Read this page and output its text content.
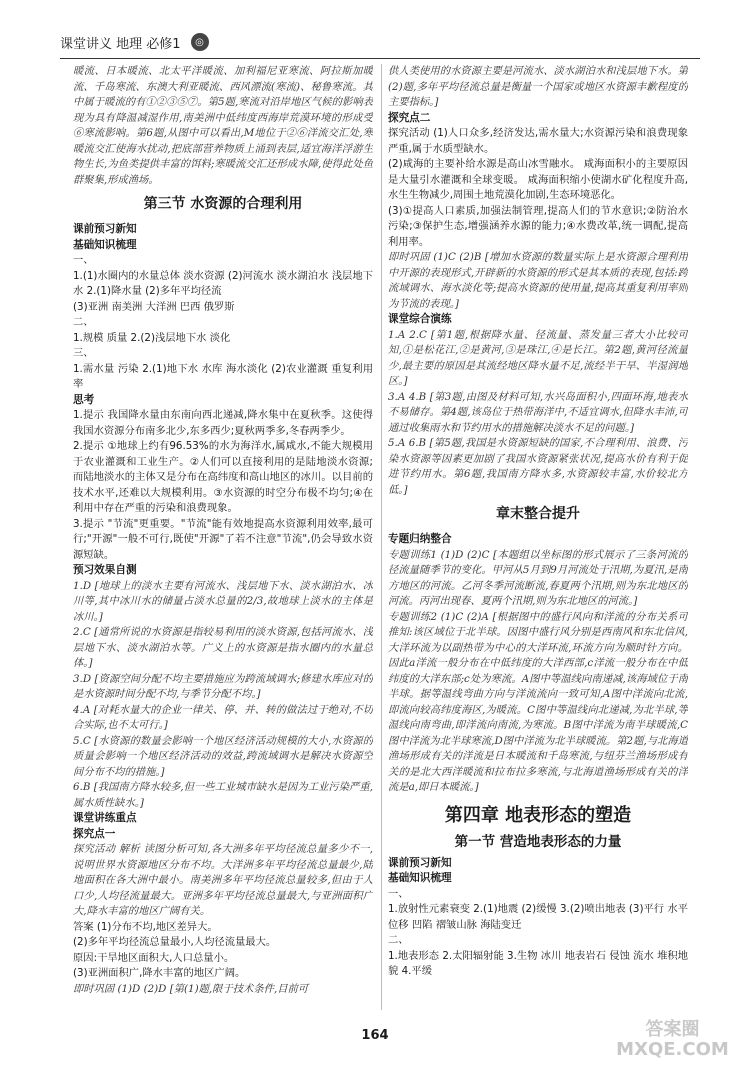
课堂讲义 地理 必修1	◎

暖流、日本暖流、北太平洋暖流、加利福尼亚寒流、阿拉斯加暖流、千岛寒流、东澳大利亚暖流、西风漂流(寒流)、秘鲁寒流。其中属于暖流的有①②③⑤⑦。第5题,寒流对沿岸地区气候的影响表现为具有降温减湿作用,南美洲中低纬度西海岸荒漠环境的形成受⑥寒流影响。第6题,从图中可以看出,M地位于②⑥洋流交汇处,寒暖流交汇使海水扰动,把底部营养物质上涌到表层,适宜海洋浮游生物生长,为鱼类提供丰富的饵料;寒暖流交汇还形成水障,使得此处鱼群聚集,形成渔场。

第三节 水资源的合理利用

课前预习新知

基础知识梳理

一、

1.(1)水圈内的水量总体 淡水资源 (2)河流水 淡水湖泊水 浅层地下水 2.(1)降水量 (2)多年平均径流

(3)亚洲 南美洲 大洋洲 巴西 俄罗斯

二、

1.规模 质量 2.(2)浅层地下水 淡化

三、

1.需水量 污染 2.(1)地下水 水库 海水淡化 (2)农业灌溉 重复利用率

思考

1.提示 我国降水量由东南向西北递减,降水集中在夏秋季。这使得我国水资源分布南多北少,东多西少;夏秋两季多,冬春两季少。

2.提示 ①地球上约有96.53%的水为海洋水,属咸水,不能大规模用于农业灌溉和工业生产。②人们可以直接利用的是陆地淡水资源;而陆地淡水的主体又是分布在高纬度和高山地区的冰川。以目前的技术水平,还难以大规模利用。③水资源的时空分布极不均匀;④在利用中存在严重的污染和浪费现象。

3.提示 "节流"更重要。"节流"能有效地提高水资源利用效率,最可行;"开源"一般不可行,既使"开源"了若不注意"节流",仍会导致水资源短缺。

预习效果自测

1.D [地球上的淡水主要有河流水、浅层地下水、淡水湖泊水、冰川等,其中冰川水的储量占淡水总量的2/3,故地球上淡水的主体是冰川。]

2.C [通常所说的水资源是指较易利用的淡水资源,包括河流水、浅层地下水、淡水湖泊水等。广义上的水资源是指水圈内的水量总体。]

3.D [资源空间分配不均主要措施应为跨流域调水;修建水库应对的是水资源时间分配不均,与季节分配不均。]

4.A [对耗水量大的企业一律关、停、并、转的做法过于绝对,不切合实际,也不太可行。]

5.C [水资源的数量会影响一个地区经济活动规模的大小,水资源的质量会影响一个地区经济活动的效益,跨流域调水是解决水资源空间分布不均的措施。]

6.B [我国南方降水较多,但一些工业城市缺水是因为工业污染严重,属水质性缺水。]

课堂讲练重点

探究点一

探究活动 解析 读图分析可知,各大洲多年平均径流总量多少不一,说明世界水资源地区分布不均。大洋洲多年平均径流总量最少,陆地面积在各大洲中最小。南美洲多年平均径流总量较多,但由于人口少,人均径流量最大。亚洲多年平均径流总量最大,与亚洲面积广大,降水丰富的地区广阔有关。

答案 (1)分布不均,地区差异大。

(2)多年平均径流总量最小,人均径流量最大。

原因:干旱地区面积大,人口总量小。

(3)亚洲面积广,降水丰富的地区广阔。

即时巩固 (1)D (2)D [第(1)题,限于技术条件,目前可

供人类使用的水资源主要是河流水、淡水湖泊水和浅层地下水。第(2)题,多年平均径流总量是衡量一个国家或地区水资源丰歉程度的主要指标。]

探究点二

探究活动 (1)人口众多,经济发达,需水量大;水资源污染和浪费现象严重,属于水质型缺水。

(2)咸海的主要补给水源是高山冰雪融水。 咸海面积小的主要原因是大量引水灌溉和全球变暖。 咸海面积缩小使湖水矿化程度升高,水生生物减少,周围土地荒漠化加剧,生态环境恶化。

(3)①提高人口素质,加强法制管理,提高人们的节水意识;②防治水污染;③保护生态,增强涵养水源的能力;④水费改革,统一调配,提高利用率。

即时巩固 (1)C (2)B [增加水资源的数量实际上是水资源合理利用中开源的表现形式,开辟新的水资源的形式是其本质的表现,包括:跨流域调水、海水淡化等;提高水资源的使用量,提高其重复利用率则为节流的表现。]

课堂综合演练

1.A 2.C [第1题,根据降水量、径流量、蒸发量三者大小比较可知,①是松花江,②是黄河,③是珠江,④是长江。第2题,黄河径流量少,最主要的原因是其流经地区降水量不足,流经半干旱、半湿润地区。]

3.A 4.B [第3题,由图及材料可知,水兴岛面积小,四面环海,地表水不易储存。第4题,该岛位于热带海洋中,不适宜调水,但降水丰沛,可通过收集雨水和节约用水的措施解决淡水不足的问题。]

5.A 6.B [第5题,我国是水资源短缺的国家,不合理利用、浪费、污染水资源等因素更加剧了我国水资源紧张状况,提高水价有利于促进节约用水。第6题,我国南方降水多,水资源较丰富,水价较北方低。]

章末整合提升

专题归纳整合

专题训练1 (1)D (2)C [本题组以坐标图的形式展示了三条河流的径流量随季节的变化。甲河从5月到9月河流处于汛期,为夏汛,是南方地区的河流。乙河冬季河流断流,春夏两个汛期,则为东北地区的河流。丙河出现春、夏两个汛期,则为东北地区的河流。]

专题训练2 (1)C (2)A [根据图中的盛行风向和洋流的分布关系可推知:该区域位于北半球。因图中盛行风分别是西南风和东北信风,大洋环流为以副热带为中心的大洋环流,环流方向为顺时针方向。因此a洋流一般分布在中低纬度的大洋西部,c洋流一般分布在中低纬度的大洋东部;c处为寒流。A图中等温线向南递减,该海域位于南半球。据等温线弯曲方向与洋流流向一致可知,A图中洋流向北流,即流向较高纬度海区,为暖流。C图中等温线向北递减,为北半球,等温线向南弯曲,即洋流向南流,为寒流。B图中洋流为南半球暖流,C图中洋流为北半球寒流,D图中洋流为北半球暖流。第2题,与北海道渔场形成有关的洋流是日本暖流和千岛寒流,与纽芬兰渔场形成有关的是北大西洋暖流和拉布拉多寒流,与北海道渔场形成有关的洋流是a,即日本暖流。]

第四章 地表形态的塑造
第一节 营造地表形态的力量

课前预习新知

基础知识梳理

一、

1.放射性元素衰变 2.(1)地震 (2)缓慢 3.(2)喷出地表 (3)平行 水平位移 凹陷 褶皱山脉 海陆变迁

二、

1.地表形态 2.太阳辐射能 3.生物 冰川 地表岩石 侵蚀 流水 堆积地貌 4.平缓

164	答案圈 MXQE.COM
